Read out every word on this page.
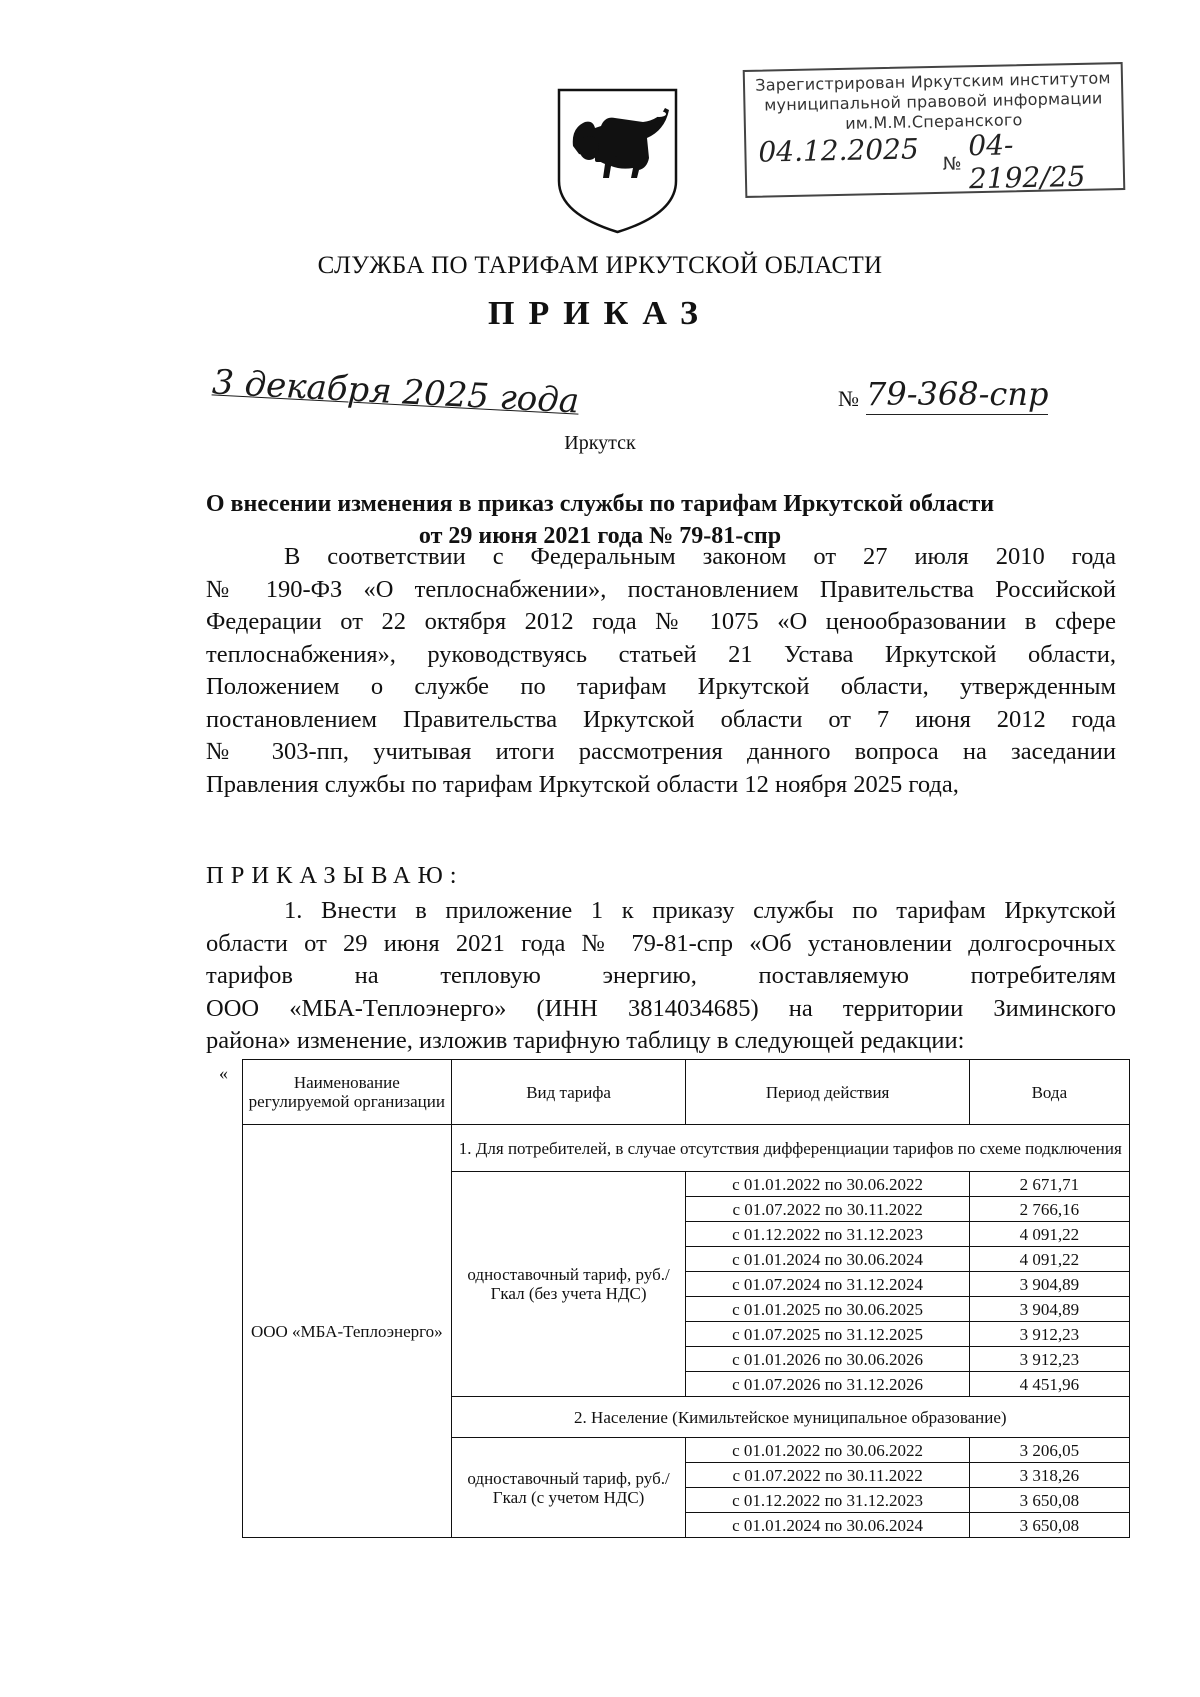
Зарегистрирован Иркутским институтом
муниципальной правовой информации
им.М.М.Сперанского
04.12.2025 №
04-2192/25
СЛУЖБА ПО ТАРИФАМ ИРКУТСКОЙ ОБЛАСТИ
ПРИКАЗ
3 декабря 2025 года	№ 79-368-спр
Иркутск
О внесении изменения в приказ службы по тарифам Иркутской области
от 29 июня 2021 года № 79-81-спр
В соответствии с Федеральным законом от 27 июля 2010 года
№ 190-ФЗ «О теплоснабжении», постановлением Правительства Российской
Федерации от 22 октября 2012 года № 1075 «О ценообразовании в сфере
теплоснабжения», руководствуясь статьей 21 Устава Иркутской области,
Положением о службе по тарифам Иркутской области, утвержденным
постановлением Правительства Иркутской области от 7 июня 2012 года
№ 303-пп, учитывая итоги рассмотрения данного вопроса на заседании
Правления службы по тарифам Иркутской области 12 ноября 2025 года,
ПРИКАЗЫВАЮ:
1. Внести в приложение 1 к приказу службы по тарифам Иркутской
области от 29 июня 2021 года № 79-81-спр «Об установлении долгосрочных
тарифов на тепловую энергию, поставляемую потребителям
ООО «МБА-Теплоэнерго» (ИНН 3814034685) на территории Зиминского
района» изменение, изложив тарифную таблицу в следующей редакции:
«	Наименование регулируемой организации	Вид тарифа	Период действия	Вода
ООО «МБА-Теплоэнерго»	1. Для потребителей, в случае отсутствия дифференциации тарифов по схеме подключения		
	одноставочный тариф, руб./Гкал (без учета НДС)	с 01.01.2022 по 30.06.2022	2 671,71
		с 01.07.2022 по 30.11.2022	2 766,16
		с 01.12.2022 по 31.12.2023	4 091,22
		с 01.01.2024 по 30.06.2024	4 091,22
		с 01.07.2024 по 31.12.2024	3 904,89
		с 01.01.2025 по 30.06.2025	3 904,89
		с 01.07.2025 по 31.12.2025	3 912,23
		с 01.01.2026 по 30.06.2026	3 912,23
		с 01.07.2026 по 31.12.2026	4 451,96
	2. Население (Кимильтейское муниципальное образование)		
	одноставочный тариф, руб./Гкал (с учетом НДС)	с 01.01.2022 по 30.06.2022	3 206,05
		с 01.07.2022 по 30.11.2022	3 318,26
		с 01.12.2022 по 31.12.2023	3 650,08
		с 01.01.2024 по 30.06.2024	3 650,08
